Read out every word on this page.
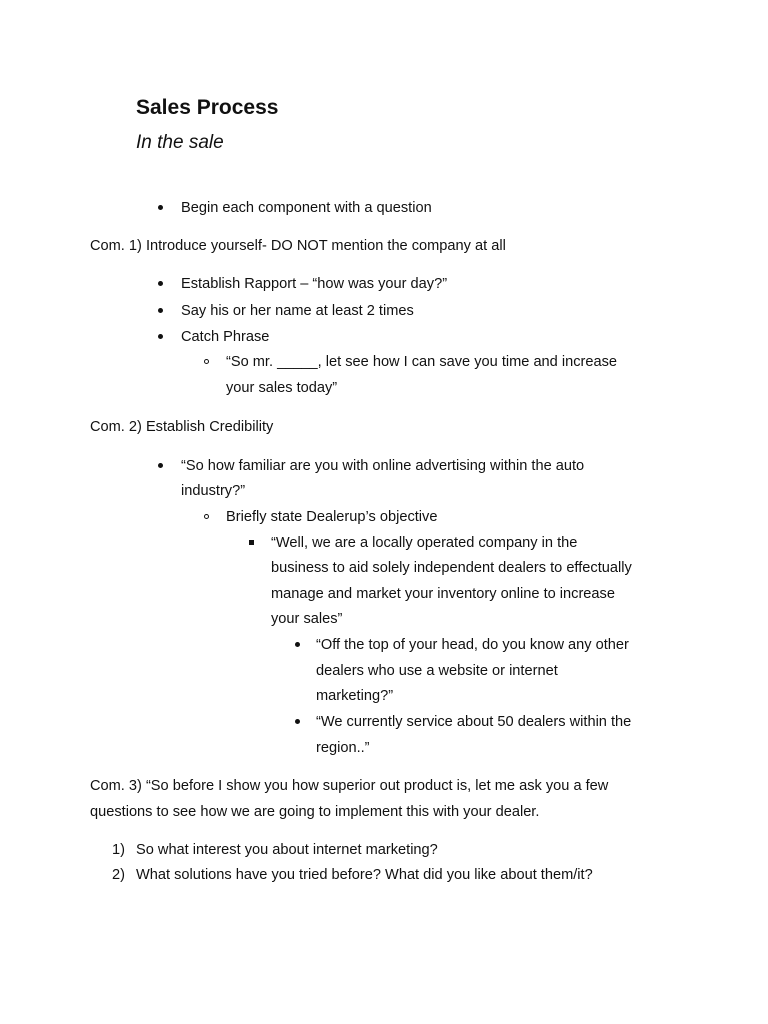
Sales Process
In the sale
Begin each component with a question
Com. 1) Introduce yourself- DO NOT mention the company at all
Establish Rapport – “how was your day?”
Say his or her name at least 2 times
Catch Phrase
“So mr. _____, let see how I can save you time and increase
your sales today”
Com. 2) Establish Credibility
“So how familiar are you with online advertising within the auto
industry?”
Briefly state Dealerup’s objective
“Well, we are a locally operated company in the
business to aid solely independent dealers to effectually
manage and market your inventory online to increase
your sales”
“Off the top of your head, do you know any other
dealers who use a website or internet
marketing?”
“We currently service about 50 dealers within the
region..”
Com. 3) “So before I show you how superior out product is, let me ask you a few
questions to see how we are going to implement this with your dealer.
1) So what interest you about internet marketing?
2) What solutions have you tried before? What did you like about them/it?
